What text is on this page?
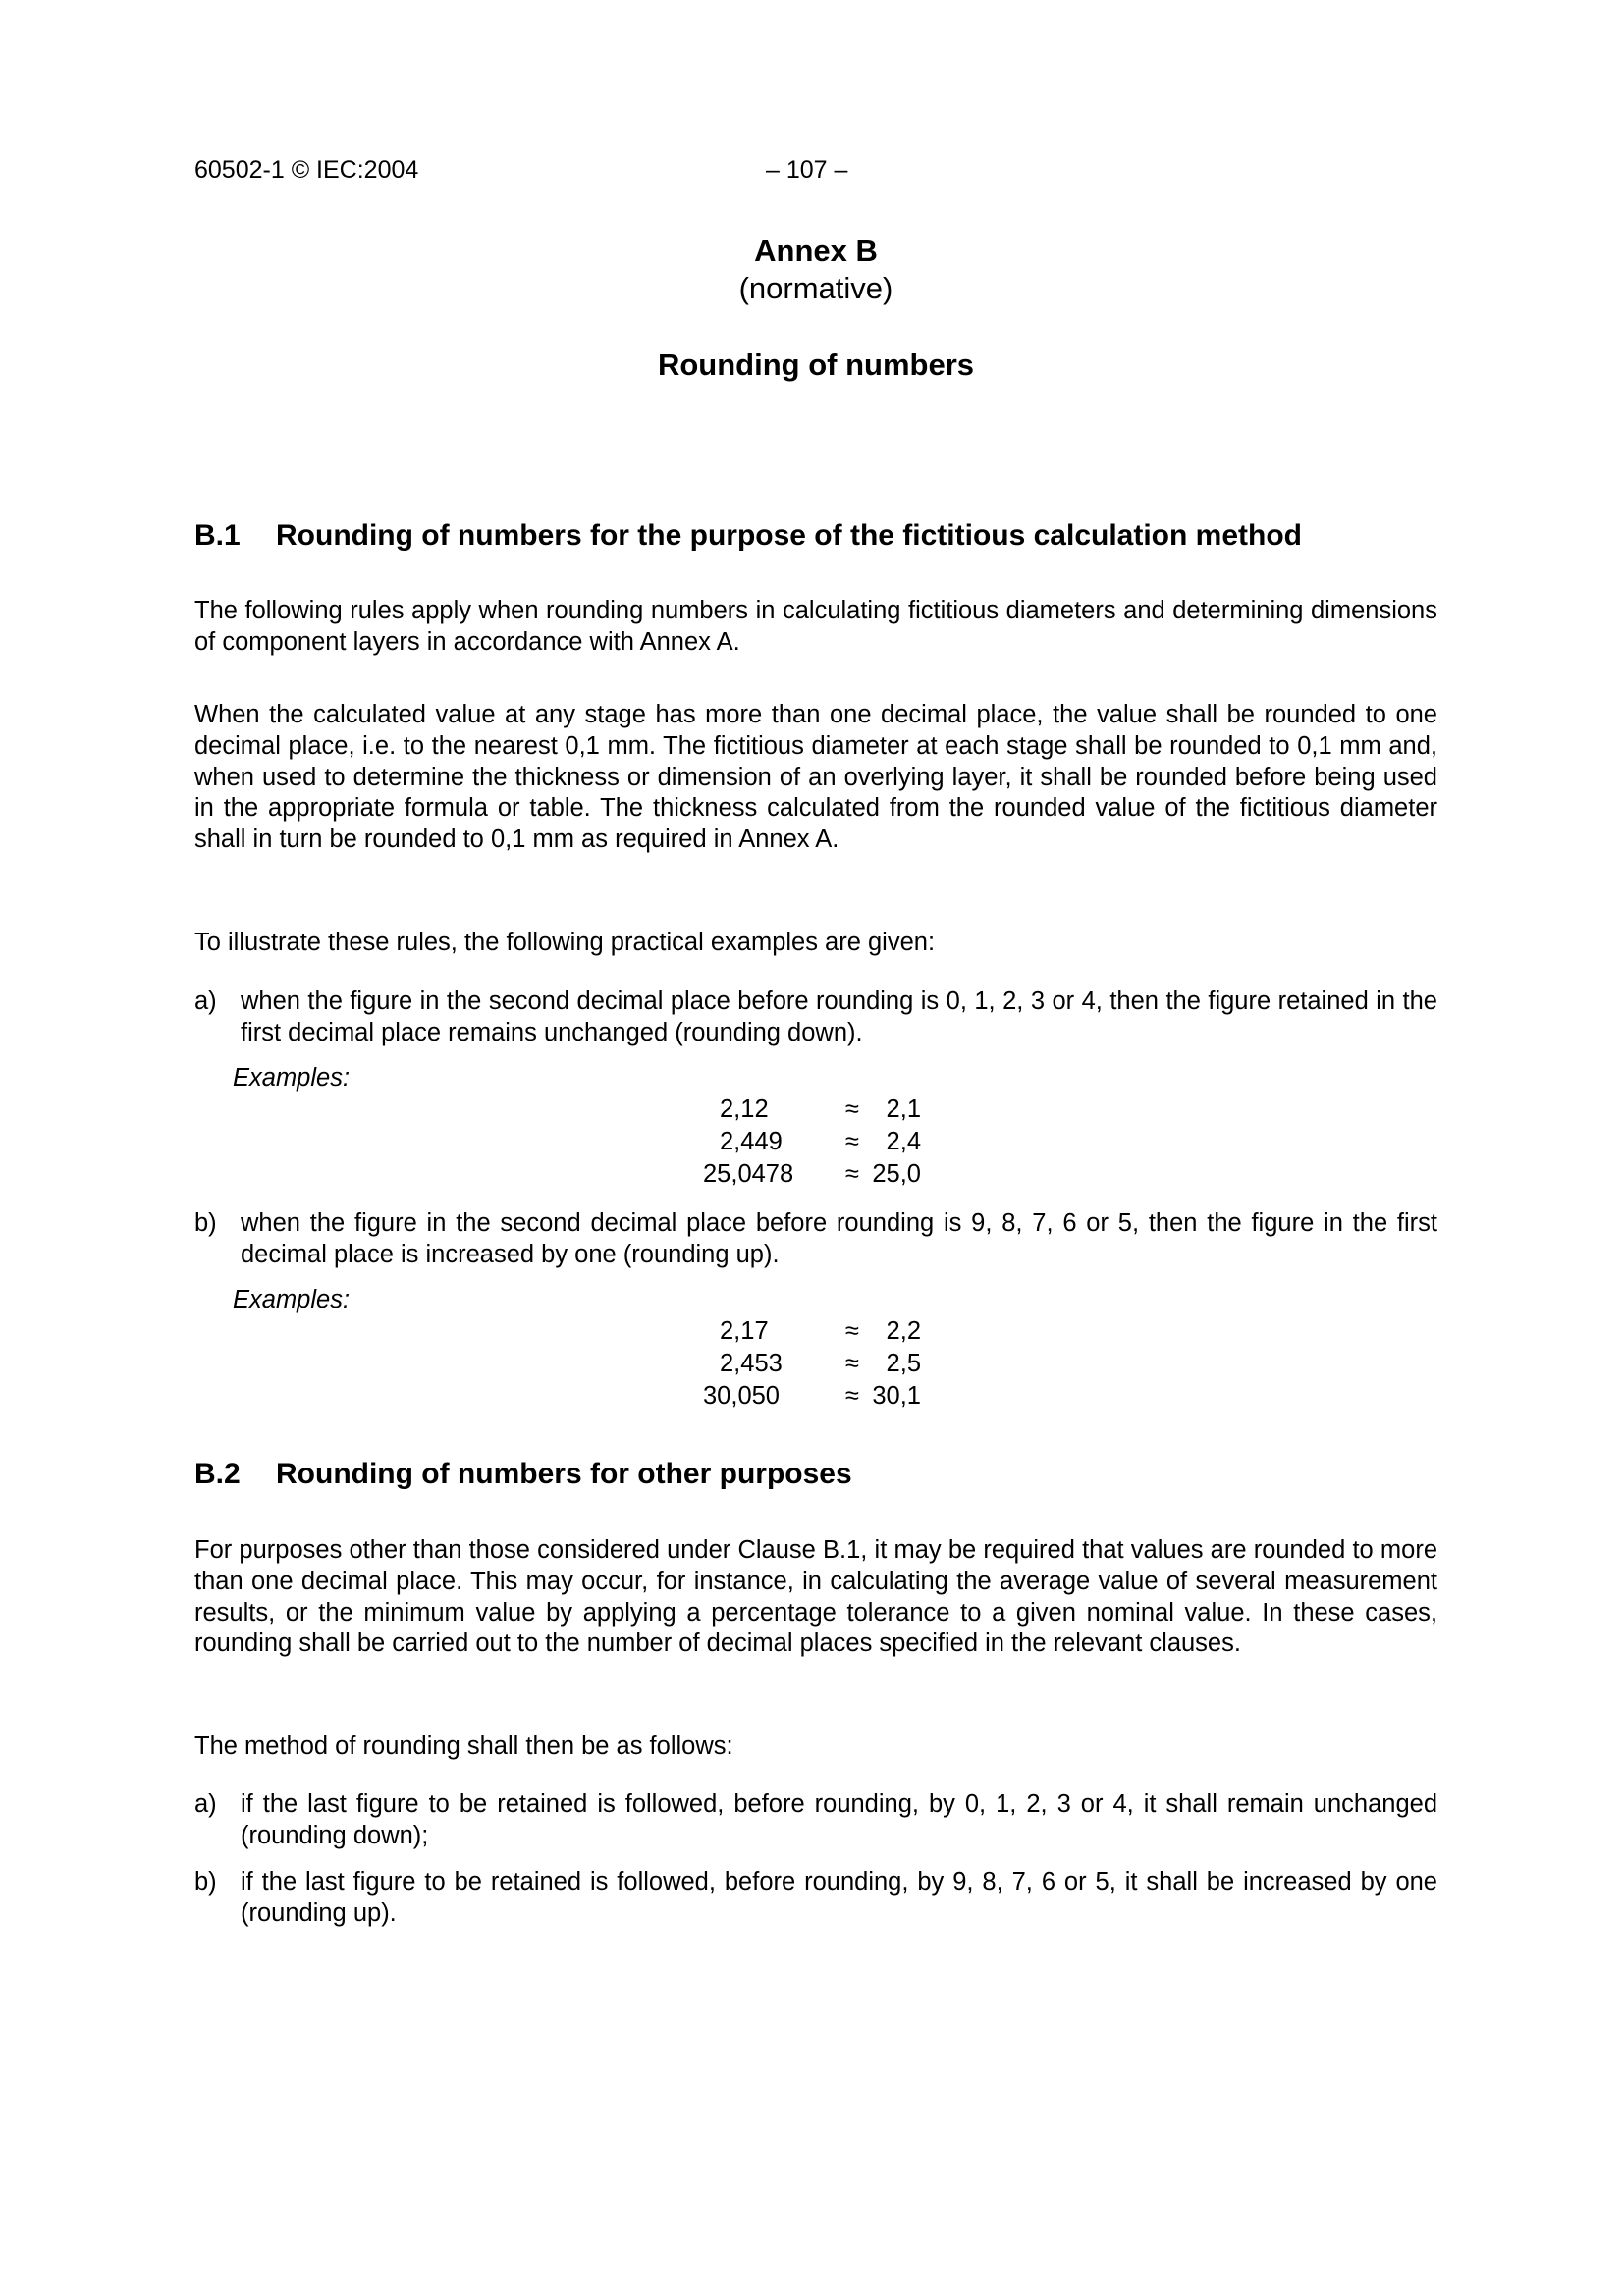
60502-1 © IEC:2004	– 107 –
Annex B
(normative)
Rounding of numbers
B.1 Rounding of numbers for the purpose of the fictitious calculation method
The following rules apply when rounding numbers in calculating fictitious diameters and determining dimensions of component layers in accordance with Annex A.
When the calculated value at any stage has more than one decimal place, the value shall be rounded to one decimal place, i.e. to the nearest 0,1 mm. The fictitious diameter at each stage shall be rounded to 0,1 mm and, when used to determine the thickness or dimension of an overlying layer, it shall be rounded before being used in the appropriate formula or table. The thickness calculated from the rounded value of the fictitious diameter shall in turn be rounded to 0,1 mm as required in Annex A.
To illustrate these rules, the following practical examples are given:
a) when the figure in the second decimal place before rounding is 0, 1, 2, 3 or 4, then the figure retained in the first decimal place remains unchanged (rounding down).
Examples:
2,12	≈	2,1
2,449	≈	2,4
25,0478	≈ 25,0
b) when the figure in the second decimal place before rounding is 9, 8, 7, 6 or 5, then the figure in the first decimal place is increased by one (rounding up).
Examples:
2,17	≈	2,2
2,453	≈	2,5
30,050	≈ 30,1
B.2 Rounding of numbers for other purposes
For purposes other than those considered under Clause B.1, it may be required that values are rounded to more than one decimal place. This may occur, for instance, in calculating the average value of several measurement results, or the minimum value by applying a percentage tolerance to a given nominal value. In these cases, rounding shall be carried out to the number of decimal places specified in the relevant clauses.
The method of rounding shall then be as follows:
a) if the last figure to be retained is followed, before rounding, by 0, 1, 2, 3 or 4, it shall remain unchanged (rounding down);
b) if the last figure to be retained is followed, before rounding, by 9, 8, 7, 6 or 5, it shall be increased by one (rounding up).
